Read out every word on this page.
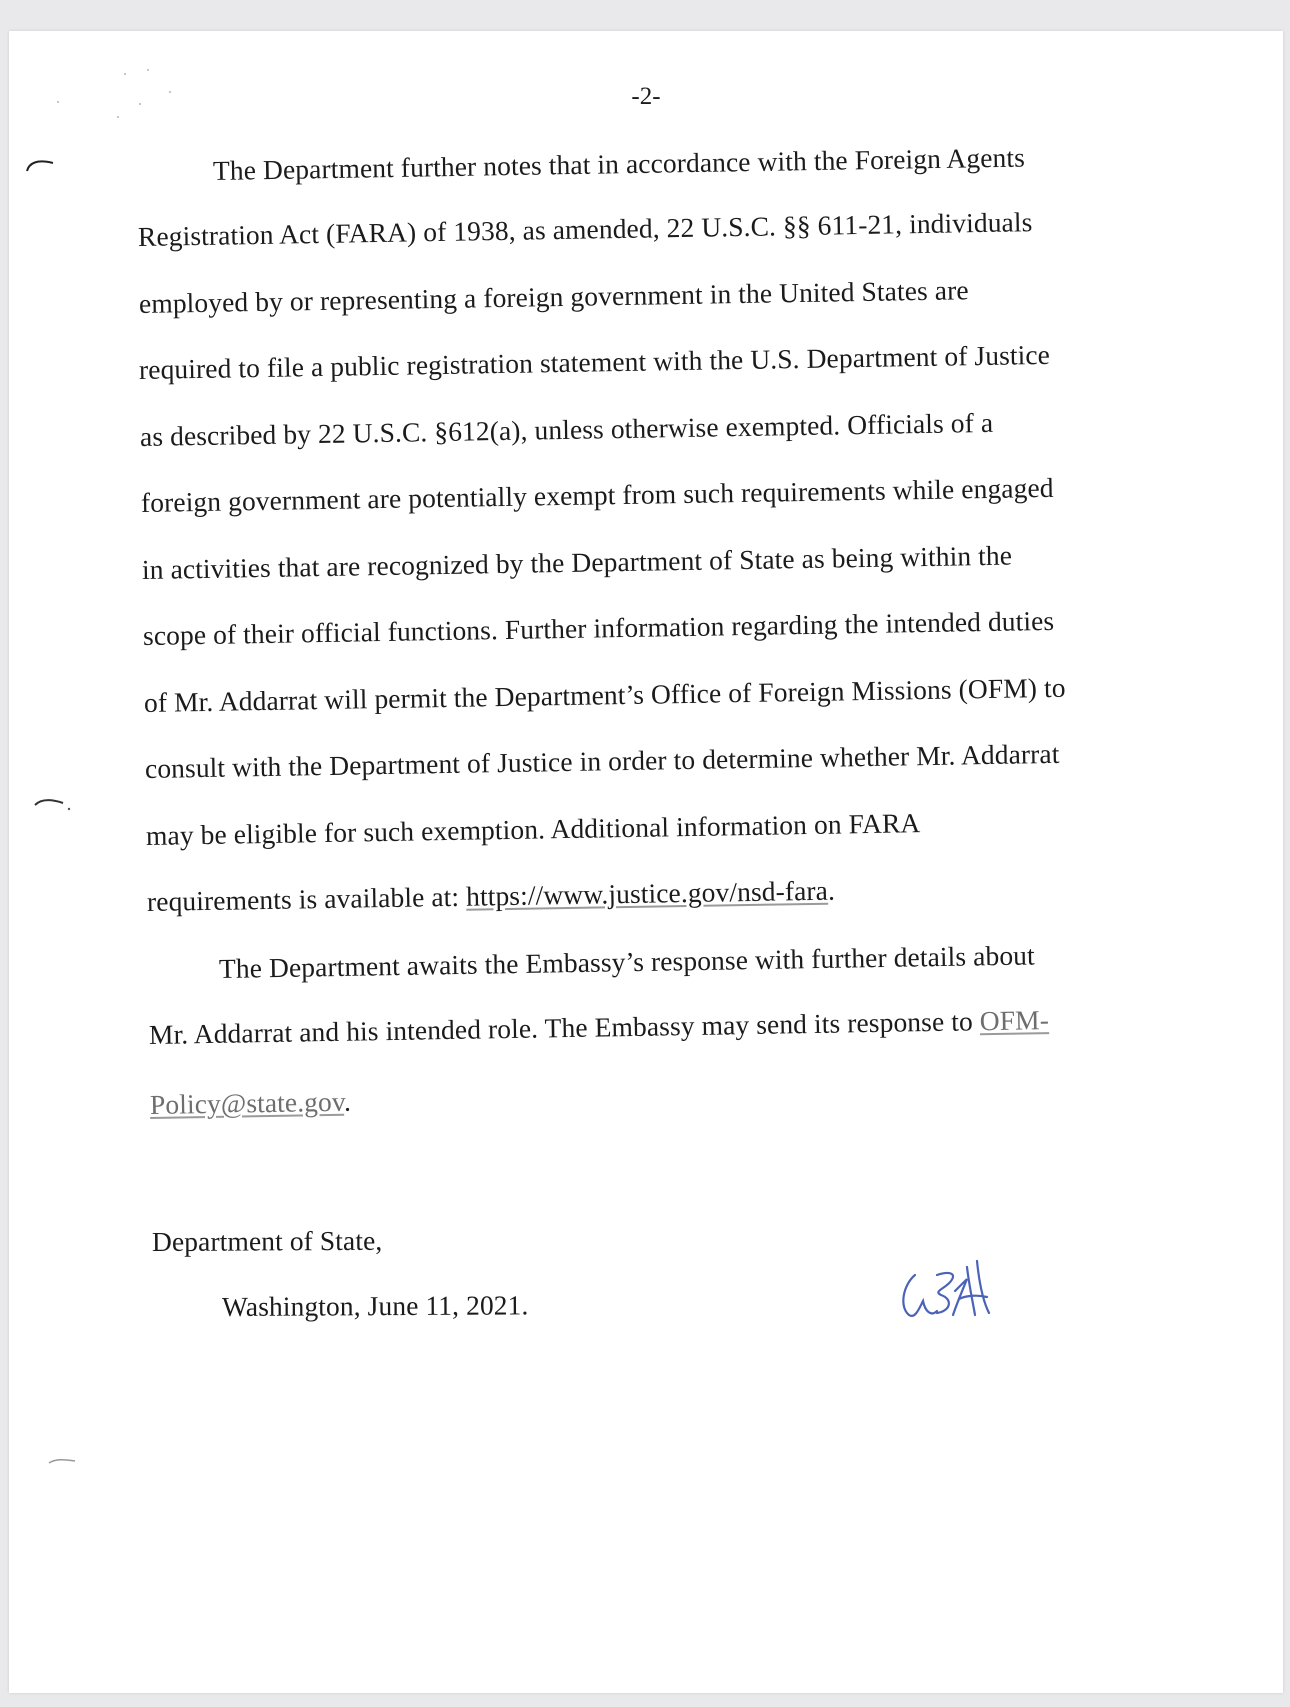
-2-
The Department further notes that in accordance with the Foreign Agents
Registration Act (FARA) of 1938, as amended, 22 U.S.C. §§ 611-21, individuals
employed by or representing a foreign government in the United States are
required to file a public registration statement with the U.S. Department of Justice
as described by 22 U.S.C. §612(a), unless otherwise exempted. Officials of a
foreign government are potentially exempt from such requirements while engaged
in activities that are recognized by the Department of State as being within the
scope of their official functions. Further information regarding the intended duties
of Mr. Addarrat will permit the Department’s Office of Foreign Missions (OFM) to
consult with the Department of Justice in order to determine whether Mr. Addarrat
may be eligible for such exemption. Additional information on FARA
requirements is available at: https://www.justice.gov/nsd-fara.
The Department awaits the Embassy’s response with further details about
Mr. Addarrat and his intended role. The Embassy may send its response to OFM-
Policy@state.gov.
Department of State,
Washington, June 11, 2021.
